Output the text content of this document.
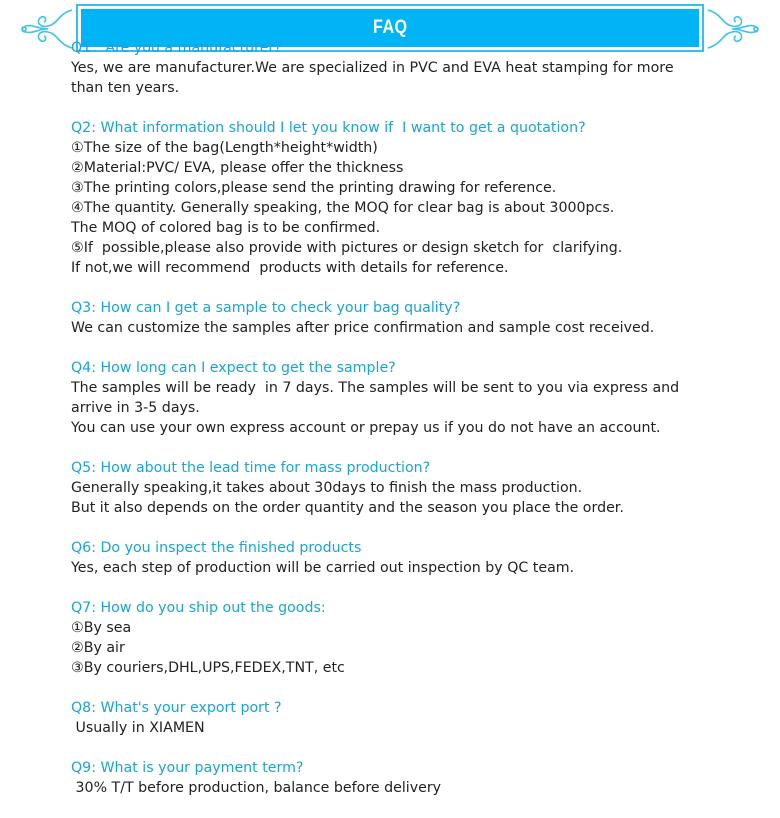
FAQ
Q1：Are you a manufacturer?
Yes, we are manufacturer.We are specialized in PVC and EVA heat stamping for more
than ten years.
Q2: What information should I let you know if  I want to get a quotation?
①The size of the bag(Length*height*width)
②Material:PVC/ EVA, please offer the thickness
③The printing colors,please send the printing drawing for reference.
④The quantity. Generally speaking, the MOQ for clear bag is about 3000pcs.
The MOQ of colored bag is to be confirmed.
⑤If  possible,please also provide with pictures or design sketch for  clarifying.
If not,we will recommend  products with details for reference.
Q3: How can I get a sample to check your bag quality?
We can customize the samples after price confirmation and sample cost received.
Q4: How long can I expect to get the sample?
The samples will be ready  in 7 days. The samples will be sent to you via express and
arrive in 3-5 days.
You can use your own express account or prepay us if you do not have an account.
Q5: How about the lead time for mass production?
Generally speaking,it takes about 30days to finish the mass production.
But it also depends on the order quantity and the season you place the order.
Q6: Do you inspect the finished products
Yes, each step of production will be carried out inspection by QC team.
Q7: How do you ship out the goods:
①By sea
②By air
③By couriers,DHL,UPS,FEDEX,TNT, etc
Q8: What's your export port ?
Usually in XIAMEN
Q9: What is your payment term?
30% T/T before production, balance before delivery
